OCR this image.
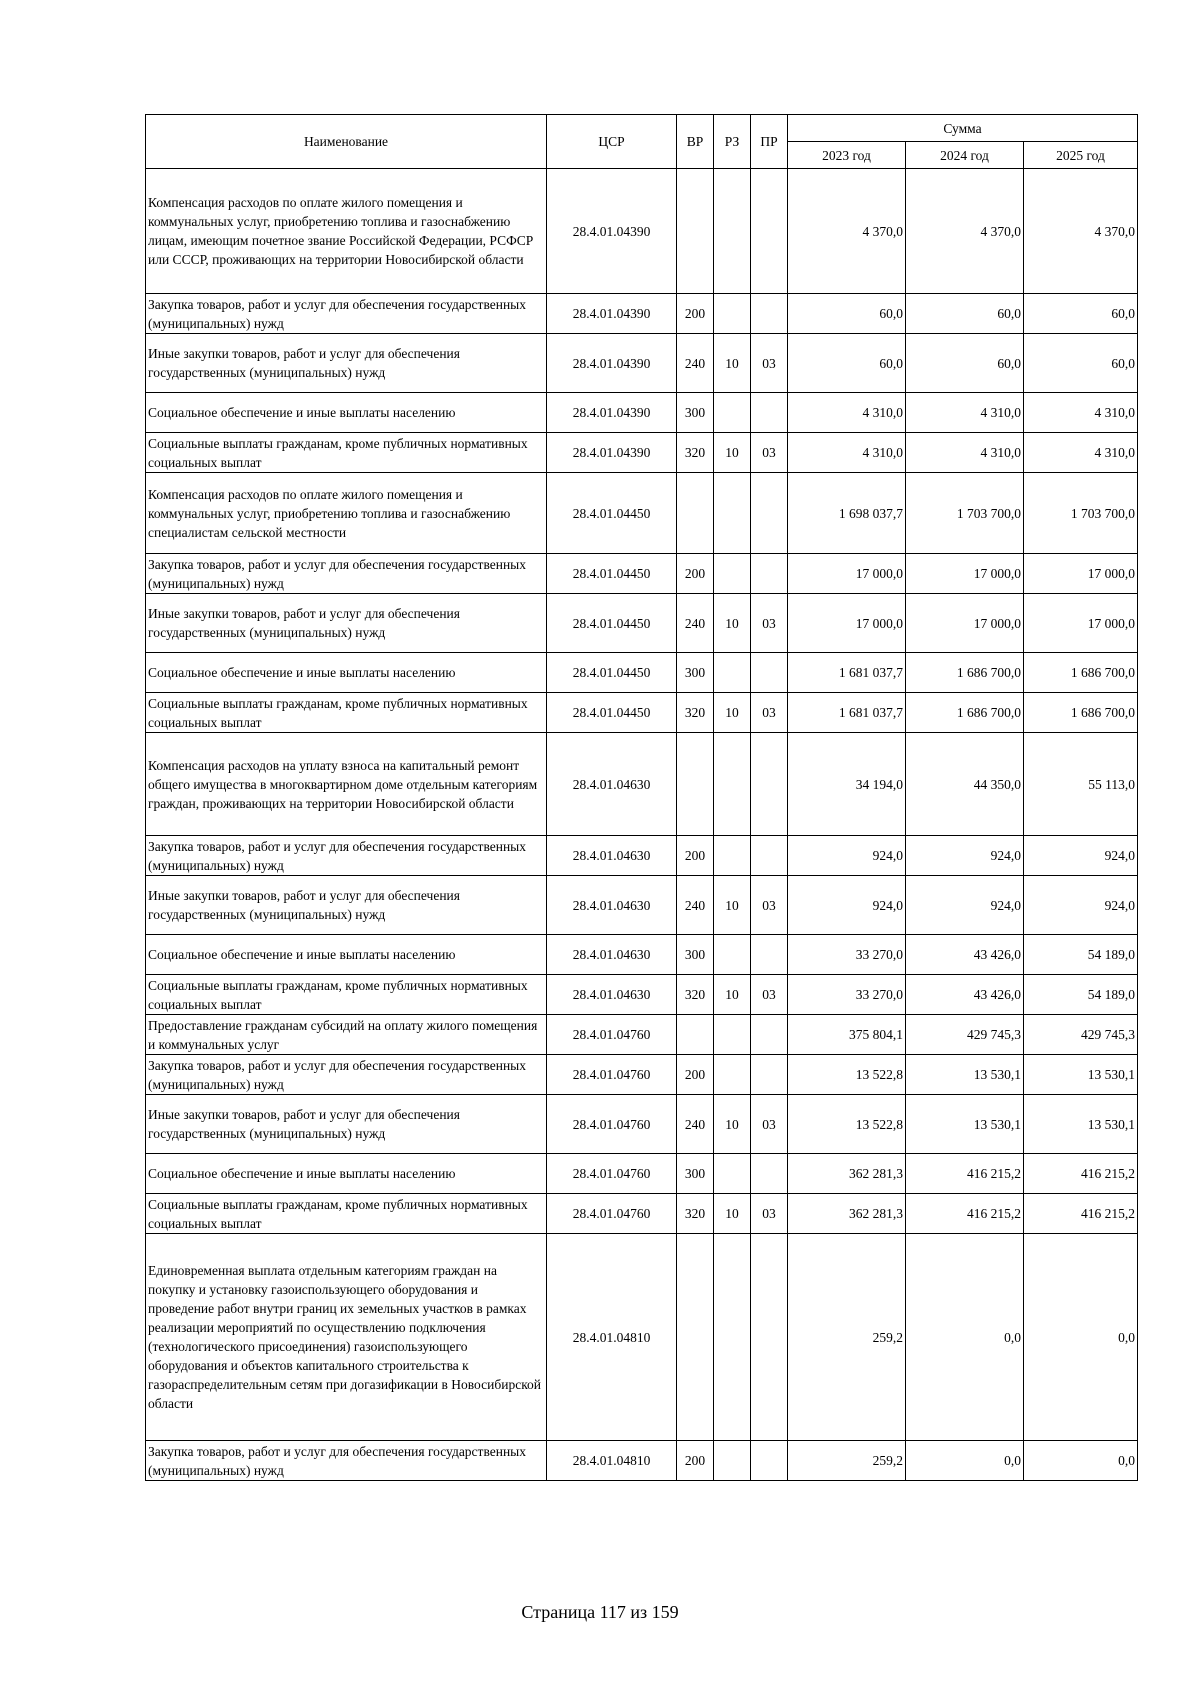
Наименование	ЦСР	ВР	РЗ	ПР	Сумма		
					2023 год	2024 год	2025 год
Компенсация расходов по оплате жилого помещения и коммунальных услуг, приобретению топлива и газоснабжению лицам, имеющим почетное звание Российской Федерации, РСФСР или СССР, проживающих на территории Новосибирской области	28.4.01.04390				4 370,0	4 370,0	4 370,0
Закупка товаров, работ и услуг для обеспечения государственных (муниципальных) нужд	28.4.01.04390	200			60,0	60,0	60,0
Иные закупки товаров, работ и услуг для обеспечения государственных (муниципальных) нужд	28.4.01.04390	240	10	03	60,0	60,0	60,0
Социальное обеспечение и иные выплаты населению	28.4.01.04390	300			4 310,0	4 310,0	4 310,0
Социальные выплаты гражданам, кроме публичных нормативных социальных выплат	28.4.01.04390	320	10	03	4 310,0	4 310,0	4 310,0
Компенсация расходов по оплате жилого помещения и коммунальных услуг, приобретению топлива и газоснабжению специалистам сельской местности	28.4.01.04450				1 698 037,7	1 703 700,0	1 703 700,0
Закупка товаров, работ и услуг для обеспечения государственных (муниципальных) нужд	28.4.01.04450	200			17 000,0	17 000,0	17 000,0
Иные закупки товаров, работ и услуг для обеспечения государственных (муниципальных) нужд	28.4.01.04450	240	10	03	17 000,0	17 000,0	17 000,0
Социальное обеспечение и иные выплаты населению	28.4.01.04450	300			1 681 037,7	1 686 700,0	1 686 700,0
Социальные выплаты гражданам, кроме публичных нормативных социальных выплат	28.4.01.04450	320	10	03	1 681 037,7	1 686 700,0	1 686 700,0
Компенсация расходов на уплату взноса на капитальный ремонт общего имущества в многоквартирном доме отдельным категориям граждан, проживающих на территории Новосибирской области	28.4.01.04630				34 194,0	44 350,0	55 113,0
Закупка товаров, работ и услуг для обеспечения государственных (муниципальных) нужд	28.4.01.04630	200			924,0	924,0	924,0
Иные закупки товаров, работ и услуг для обеспечения государственных (муниципальных) нужд	28.4.01.04630	240	10	03	924,0	924,0	924,0
Социальное обеспечение и иные выплаты населению	28.4.01.04630	300			33 270,0	43 426,0	54 189,0
Социальные выплаты гражданам, кроме публичных нормативных социальных выплат	28.4.01.04630	320	10	03	33 270,0	43 426,0	54 189,0
Предоставление гражданам субсидий на оплату жилого помещения и коммунальных услуг	28.4.01.04760				375 804,1	429 745,3	429 745,3
Закупка товаров, работ и услуг для обеспечения государственных (муниципальных) нужд	28.4.01.04760	200			13 522,8	13 530,1	13 530,1
Иные закупки товаров, работ и услуг для обеспечения государственных (муниципальных) нужд	28.4.01.04760	240	10	03	13 522,8	13 530,1	13 530,1
Социальное обеспечение и иные выплаты населению	28.4.01.04760	300			362 281,3	416 215,2	416 215,2
Социальные выплаты гражданам, кроме публичных нормативных социальных выплат	28.4.01.04760	320	10	03	362 281,3	416 215,2	416 215,2
Единовременная выплата отдельным категориям граждан на покупку и установку газоиспользующего оборудования и проведение работ внутри границ их земельных участков в рамках реализации мероприятий по осуществлению подключения (технологического присоединения) газоиспользующего оборудования и объектов капитального строительства к газораспределительным сетям при догазификации в Новосибирской области	28.4.01.04810				259,2	0,0	0,0
Закупка товаров, работ и услуг для обеспечения государственных (муниципальных) нужд	28.4.01.04810	200			259,2	0,0	0,0
Страница 117 из 159
